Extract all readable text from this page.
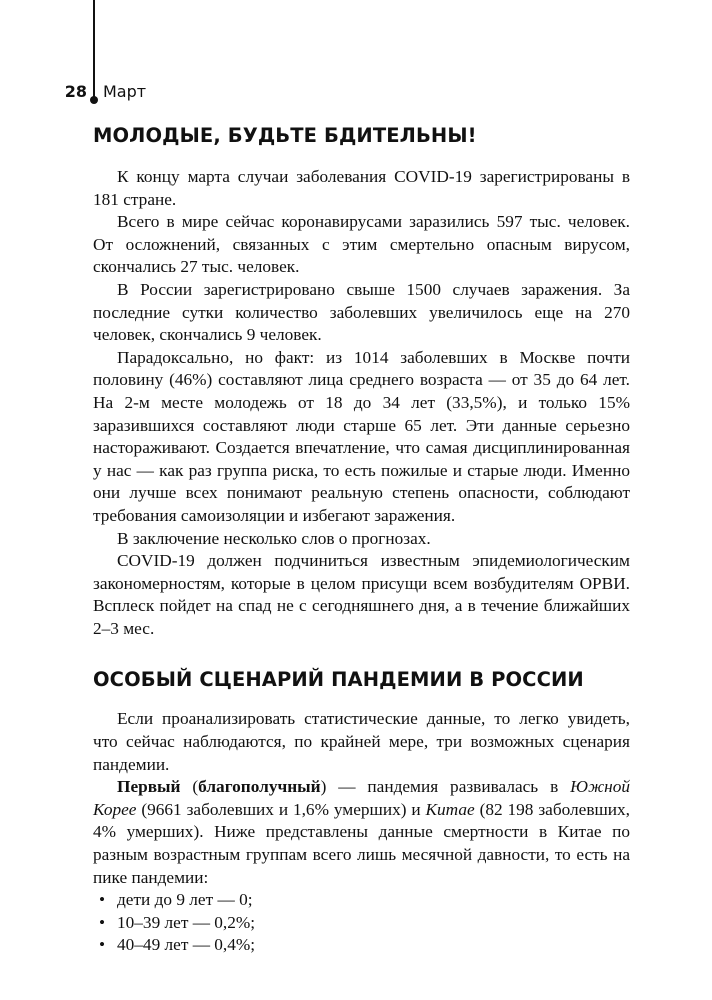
28 Март
МОЛОДЫЕ, БУДЬТЕ БДИТЕЛЬНЫ!

К концу марта случаи заболевания COVID-19 зарегистрированы в 181 стране.

Всего в мире сейчас коронавирусами заразились 597 тыс. человек. От осложнений, связанных с этим смертельно опасным вирусом, скончались 27 тыс. человек.

В России зарегистрировано свыше 1500 случаев заражения. За последние сутки количество заболевших увеличилось еще на 270 человек, скончались 9 человек.

Парадоксально, но факт: из 1014 заболевших в Москве почти половину (46%) составляют лица среднего возраста — от 35 до 64 лет. На 2-м месте молодежь от 18 до 34 лет (33,5%), и только 15% заразившихся составляют люди старше 65 лет. Эти данные серьезно настораживают. Создается впечатление, что самая дисциплинированная у нас — как раз группа риска, то есть пожилые и старые люди. Именно они лучше всех понимают реальную степень опасности, соблюдают требования самоизоляции и избегают заражения.

В заключение несколько слов о прогнозах.

COVID-19 должен подчиниться известным эпидемиологическим закономерностям, которые в целом присущи всем возбудителям ОРВИ. Всплеск пойдет на спад не с сегодняшнего дня, а в течение ближайших 2–3 мес.

ОСОБЫЙ СЦЕНАРИЙ ПАНДЕМИИ В РОССИИ

Если проанализировать статистические данные, то легко увидеть, что сейчас наблюдаются, по крайней мере, три возможных сценария пандемии.

Первый (благополучный) — пандемия развивалась в Южной Корее (9661 заболевших и 1,6% умерших) и Китае (82 198 заболевших, 4% умерших). Ниже представлены данные смертности в Китае по разным возрастным группам всего лишь месячной давности, то есть на пике пандемии:

• дети до 9 лет — 0;
• 10–39 лет — 0,2%;
• 40–49 лет — 0,4%;
